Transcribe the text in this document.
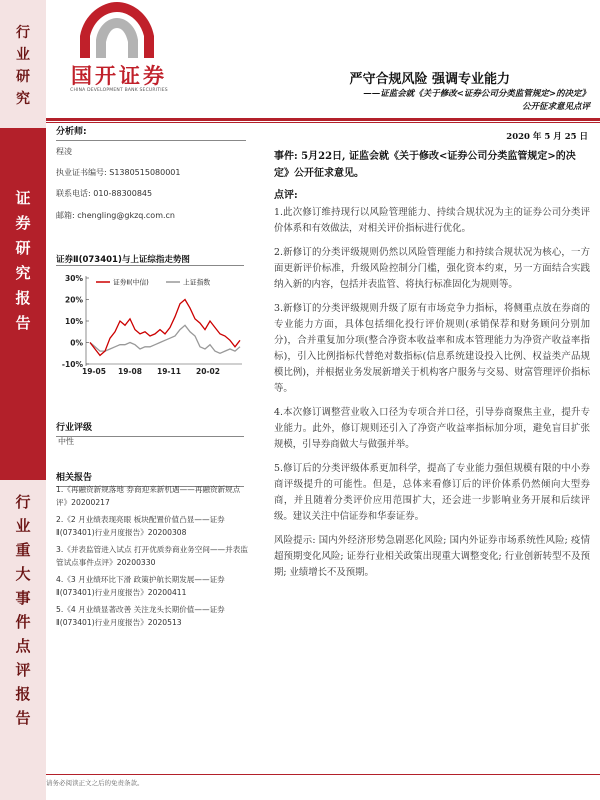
行
业
研
究
证
券
研
究
报
告
行
业
重
大
事
件
点
评
报
告
国开证券
CHINA DEVELOPMENT BANK SECURITIES
严守合规风险 强调专业能力
——证监会就《关于修改<证券公司分类监管规定>的决定》
公开征求意见点评
分析师:
程凌
执业证书编号: S1380515080001
联系电话: 010-88300845
邮箱: chengling@gkzq.com.cn
证券Ⅱ(073401)与上证综指走势图
30%
20%
10%
0%
-10%
19-05 19-08 19-11 20-02
证券Ⅱ(中信)	上证指数
行业评级
中性
相关报告
1.《再融资新规落地 券商迎来新机遇——再融资新规点评》20200217
2.《2 月业绩表现亮眼 板块配置价值凸显——证券Ⅱ(073401)行业月度报告》20200308
3.《并表监管进入试点 打开优质券商业务空间——并表监管试点事件点评》20200330
4.《3 月业绩环比下滑 政策护航长期发展——证券Ⅱ(073401)行业月度报告》20200411
5.《4 月业绩显著改善 关注龙头长期价值——证券Ⅱ(073401)行业月度报告》2020513
2020 年 5 月 25 日
事件: 5月22日, 证监会就《关于修改<证券公司分类监管规定>的决定》公开征求意见。
点评:

1.此次修订维持现行以风险管理能力、持续合规状况为主的证券公司分类评价体系和有效做法，对相关评价指标进行优化。

2.新修订的分类评级规则仍然以风险管理能力和持续合规状况为核心，一方面更新评价标准，升级风险控制分门槛，强化资本约束，另一方面结合实践纳入新的内容，包括并表监管、将执行标准固化为规则等。

3.新修订的分类评级规则升级了原有市场竞争力指标，将侧重点放在券商的专业能力方面，具体包括细化投行评价规则(承销保荐和财务顾问分别加分)，合并重复加分项(整合净资本收益率和成本管理能力为净资产收益率指标)，引入比例指标代替绝对数指标(信息系统建设投入比例、权益类产品规模比例)，并根据业务发展新增关于机构客户服务与交易、财富管理评价指标等。

4.本次修订调整营业收入口径为专项合并口径，引导券商聚焦主业，提升专业能力。此外，修订规则还引入了净资产收益率指标加分项，避免盲目扩张规模，引导券商做大与做强并举。

5.修订后的分类评级体系更加科学，提高了专业能力强但规模有限的中小券商评级提升的可能性。但是，总体来看修订后的评价体系仍然倾向大型券商，并且随着分类评价应用范围扩大，还会进一步影响业务开展和后续评级。建议关注中信证券和华泰证券。

风险提示: 国内外经济形势急剧恶化风险; 国内外证券市场系统性风险; 疫情超预期变化风险; 证券行业相关政策出现重大调整变化; 行业创新转型不及预期; 业绩增长不及预期。

请务必阅读正文之后的免责条款。
